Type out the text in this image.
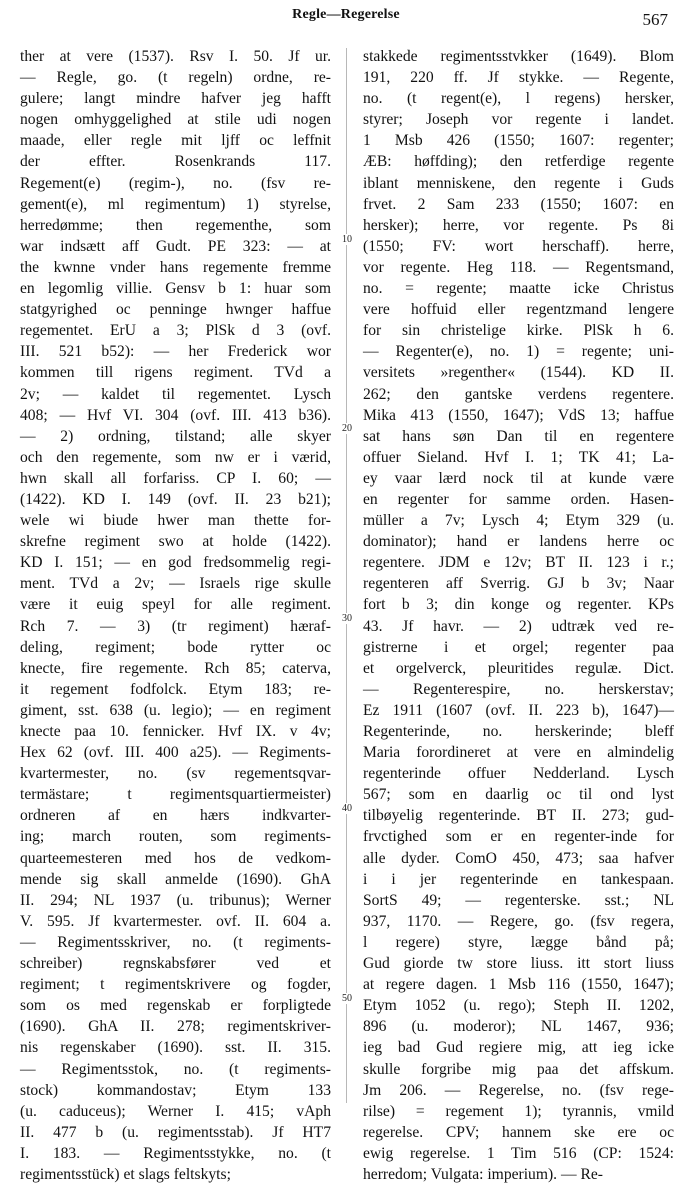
Regle—Regerelse	567
ther at vere (1537). Rsv I. 50. Jf ur.
— Regle, go. (t regeln) ordne, re-
gulere; langt mindre hafver jeg hafft
nogen omhyggelighed at stile udi nogen
maade, eller regle mit ljff oc leffnit
der effter. Rosenkrands 117.
Regement(e) (regim-), no. (fsv re-
gement(e), ml regimentum) 1) styrelse,
herredømme; then regementhe, som
war indsætt aff Gudt. PE 323: — at
the kwnne vnder hans regemente fremme
en legomlig villie. Gensv b 1: huar som
statgyrighed oc penninge hwnger haffue
regementet. ErU a 3; PlSk d 3 (ovf.
III. 521 b52): — her Frederick wor
kommen till rigens regiment. TVd a
2v; — kaldet til regementet. Lysch
408; — Hvf VI. 304 (ovf. III. 413 b36).
— 2) ordning, tilstand; alle skyer
och den regemente, som nw er i værid,
hwn skall all forfariss. CP I. 60; —
(1422). KD I. 149 (ovf. II. 23 b21);
wele wi biude hwer man thette for-
skrefne regiment swo at holde (1422).
KD I. 151; — en god fredsommelig regi-
ment. TVd a 2v; — Israels rige skulle
være it euig speyl for alle regiment.
Rch 7. — 3) (tr regiment) hæraf-
deling, regiment; bode rytter oc
knecte, fire regemente. Rch 85; caterva,
it regement fodfolck. Etym 183; re-
giment, sst. 638 (u. legio); — en regiment
knecte paa 10. fennicker. Hvf IX. v 4v;
Hex 62 (ovf. III. 400 a25). — Regiments-
kvartermester, no. (sv regementsqvar-
termästare; t regimentsquartiermeister)
ordneren af en hærs indkvarter-
ing; march routen, som regiments-
quarteemesteren med hos de vedkom-
mende sig skall anmelde (1690). GhA
II. 294; NL 1937 (u. tribunus); Werner
V. 595. Jf kvartermester. ovf. II. 604 a.
— Regimentsskriver, no. (t regiments-
schreiber) regnskabsfører ved et
regiment; t regimentskrivere og fogder,
som os med regenskab er forpligtede
(1690). GhA II. 278; regimentskriver-
nis regenskaber (1690). sst. II. 315.
— Regimentsstok, no. (t regiments-
stock) kommandostav; Etym 133
(u. caduceus); Werner I. 415; vAph
II. 477 b (u. regimentsstab). Jf HT7
I. 183. — Regimentsstykke, no. (t
regimentsstück) et slags feltskyts;
stakkede regimentsstvkker (1649). Blom
191, 220 ff. Jf stykke. — Regente,
no. (t regent(e), l regens) hersker,
styrer; Joseph vor regente i landet.
1 Msb 426 (1550; 1607: regenter;
ÆB: høffding); den retferdige regente
iblant menniskene, den regente i Guds
frvet. 2 Sam 233 (1550; 1607: en
hersker); herre, vor regente. Ps 8i
(1550; FV: wort herschaff). herre,
vor regente. Heg 118. — Regentsmand,
no. = regente; maatte icke Christus
vere hoffuid eller regentzmand lengere
for sin christelige kirke. PlSk h 6.
— Regenter(e), no. 1) = regente; uni-
versitets »regenther« (1544). KD II.
262; den gantske verdens regentere.
Mika 413 (1550, 1647); VdS 13; haffue
sat hans søn Dan til en regentere
offuer Sieland. Hvf I. 1; TK 41; La-
ey vaar lærd nock til at kunde være
en regenter for samme orden. Hasen-
müller a 7v; Lysch 4; Etym 329 (u.
dominator); hand er landens herre oc
regentere. JDM e 12v; BT II. 123 i r.;
regenteren aff Sverrig. GJ b 3v; Naar
fort b 3; din konge og regenter. KPs
43. Jf havr. — 2) udtræk ved re-
gistrerne i et orgel; regenter paa
et orgelverck, pleuritides regulæ. Dict.
— Regenterespire, no. herskerstav;
Ez 1911 (1607 (ovf. II. 223 b), 1647)—
Regenterinde, no. herskerinde; bleff
Maria forordineret at vere en almindelig
regenterinde offuer Nedderland. Lysch
567; som en daarlig oc til ond lyst
tilbøyelig regenterinde. BT II. 273; gud-
frvctighed som er en regenter-inde for
alle dyder. ComO 450, 473; saa hafver
i i jer regenterinde en tankespaan.
SortS 49; — regenterske. sst.; NL
937, 1170. — Regere, go. (fsv regera,
l regere) styre, lægge bånd på;
Gud giorde tw store liuss. itt stort liuss
at regere dagen. 1 Msb 116 (1550, 1647);
Etym 1052 (u. rego); Steph II. 1202,
896 (u. moderor); NL 1467, 936;
ieg bad Gud regiere mig, att ieg icke
skulle forgribe mig paa det affskum.
Jm 206. — Regerelse, no. (fsv rege-
rilse) = regement 1); tyrannis, vmild
regerelse. CPV; hannem ske ere oc
ewig regerelse. 1 Tim 516 (CP: 1524:
herredom; Vulgata: imperium). — Re-
10
20
30
40
50
